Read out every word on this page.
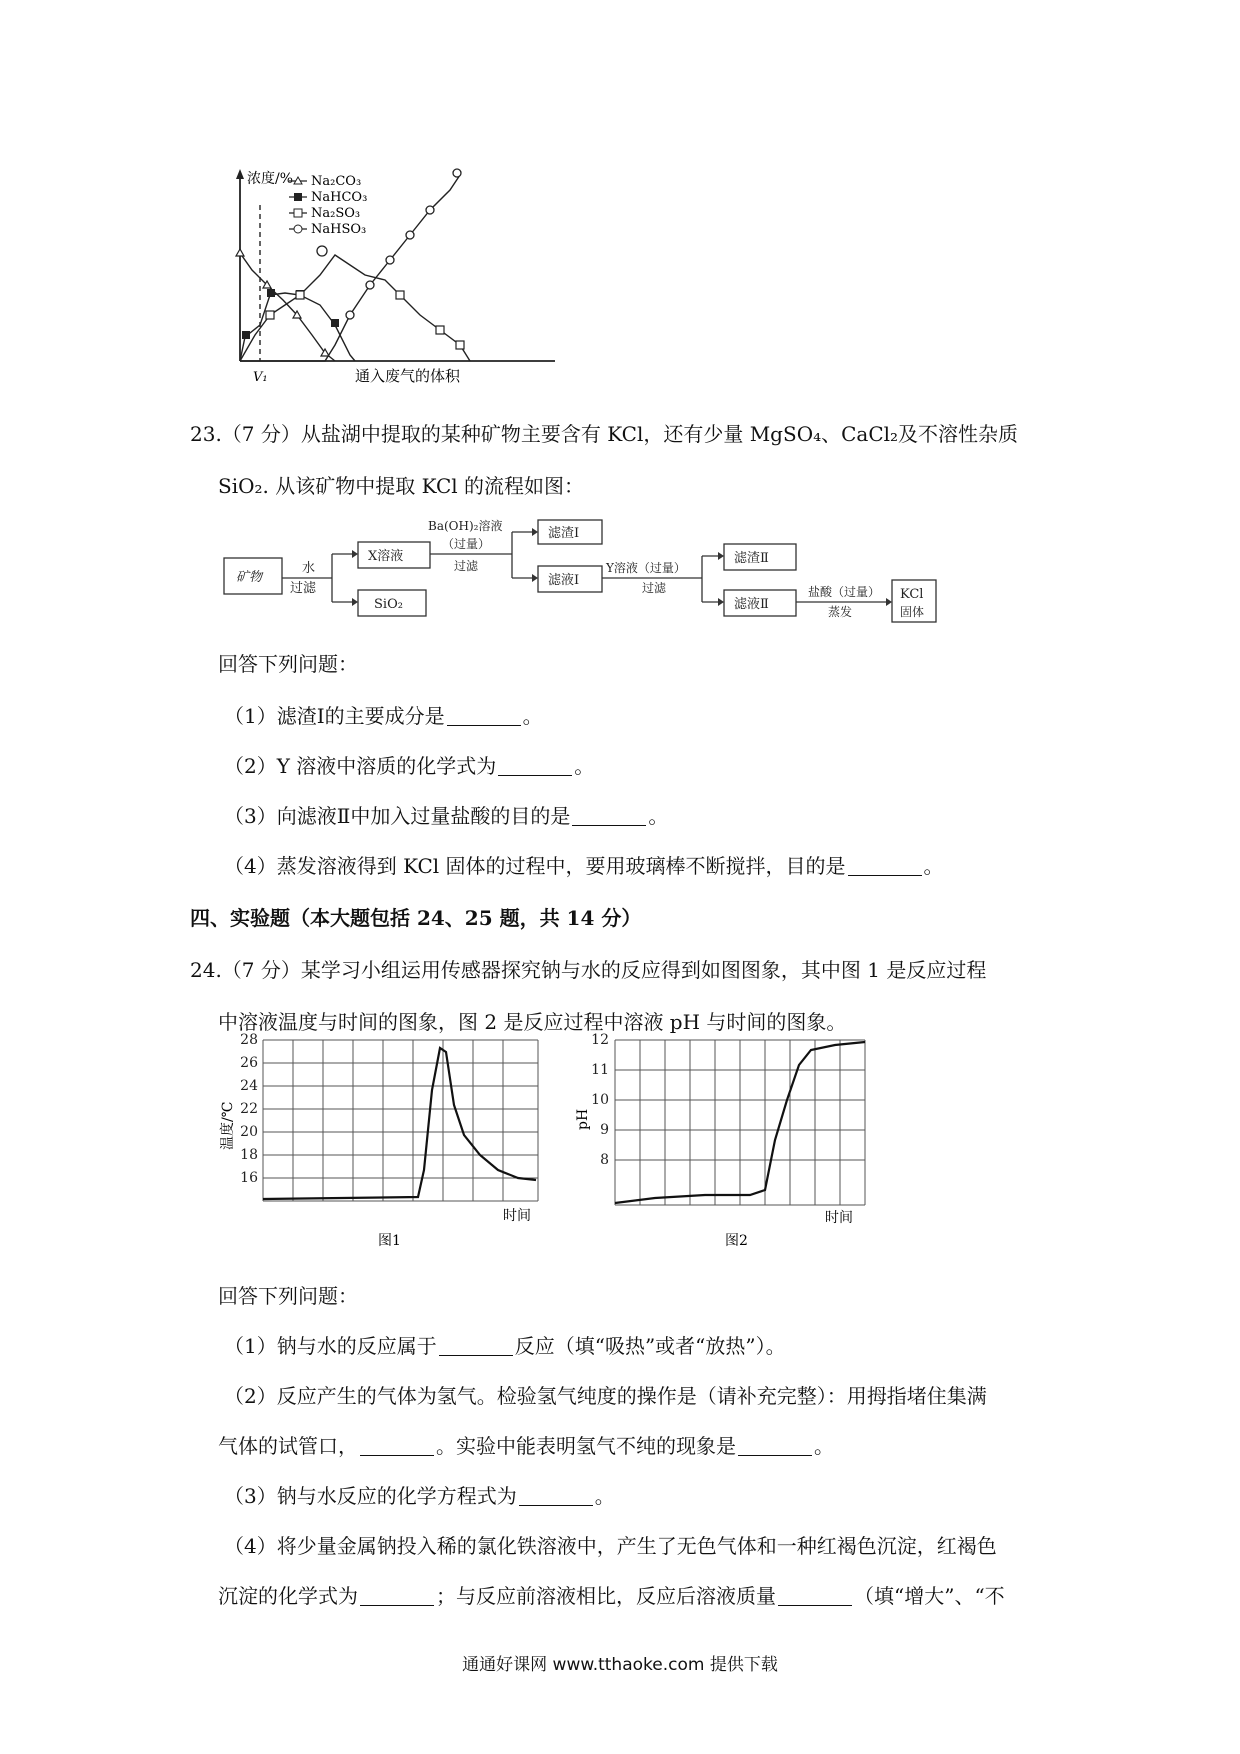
浓度/%
V₁	通入废气的体积
Na₂CO₃
NaHCO₃
Na₂SO₃
NaHSO₃
23.（7 分）从盐湖中提取的某种矿物主要含有 KCl，还有少量 MgSO₄、CaCl₂及不溶性杂质
SiO₂. 从该矿物中提取 KCl 的流程如图：
矿物
水
过滤
X溶液
SiO₂
Ba(OH)₂溶液
（过量）
过滤
滤渣Ⅰ
滤液Ⅰ
Y溶液（过量）
过滤
滤渣Ⅱ
滤液Ⅱ
盐酸（过量）
蒸发
KCl
固体
回答下列问题：
（1）滤渣Ⅰ的主要成分是	。
（2）Y 溶液中溶质的化学式为	。
（3）向滤液Ⅱ中加入过量盐酸的目的是	。
（4）蒸发溶液得到 KCl 固体的过程中，要用玻璃棒不断搅拌，目的是	。
四、实验题（本大题包括 24、25 题，共 14 分）
24.（7 分）某学习小组运用传感器探究钠与水的反应得到如图图象，其中图 1 是反应过程
中溶液温度与时间的图象，图 2 是反应过程中溶液 pH 与时间的图象。
28
26
24
22
20
18
16
温度/℃
时间
图1
12
11
10
9
8
pH
时间
图2
回答下列问题：
（1）钠与水的反应属于	反应（填“吸热”或者“放热”）。
（2）反应产生的气体为氢气。检验氢气纯度的操作是（请补充完整）：用拇指堵住集满
气体的试管口，	。实验中能表明氢气不纯的现象是	。
（3）钠与水反应的化学方程式为	。
（4）将少量金属钠投入稀的氯化铁溶液中，产生了无色气体和一种红褐色沉淀，红褐色
沉淀的化学式为	；与反应前溶液相比，反应后溶液质量	（填“增大”、“不
通通好课网 www.tthaoke.com 提供下载
